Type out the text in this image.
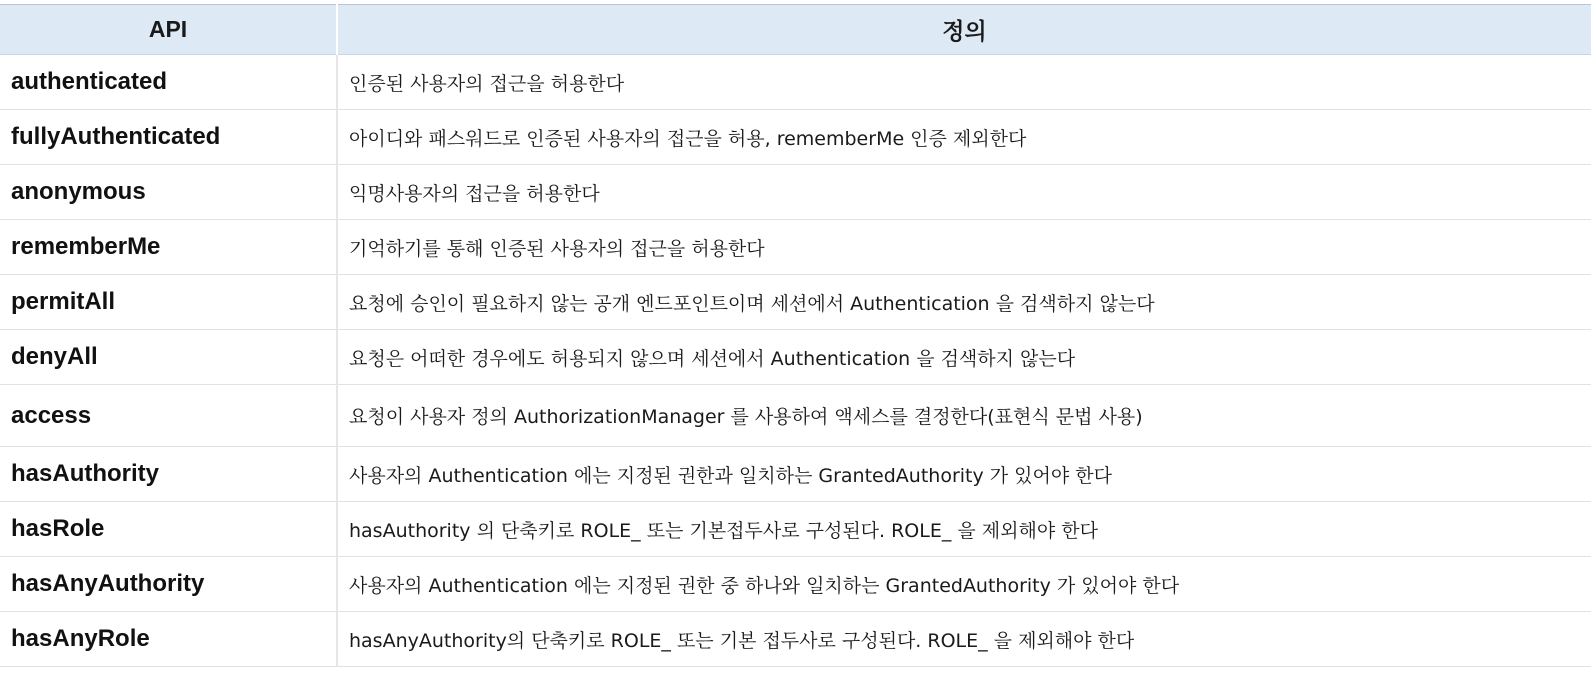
API	정의
authenticated	인증된 사용자의 접근을 허용한다
fullyAuthenticated	아이디와 패스워드로 인증된 사용자의 접근을 허용, rememberMe 인증 제외한다
anonymous	익명사용자의 접근을 허용한다
rememberMe	기억하기를 통해 인증된 사용자의 접근을 허용한다
permitAll	요청에 승인이 필요하지 않는 공개 엔드포인트이며 세션에서 Authentication 을 검색하지 않는다
denyAll	요청은 어떠한 경우에도 허용되지 않으며 세션에서 Authentication 을 검색하지 않는다
access	요청이 사용자 정의 AuthorizationManager 를 사용하여 액세스를 결정한다(표현식 문법 사용)
hasAuthority	사용자의 Authentication 에는 지정된 권한과 일치하는 GrantedAuthority 가 있어야 한다
hasRole	hasAuthority 의 단축키로 ROLE_ 또는 기본접두사로 구성된다. ROLE_ 을 제외해야 한다
hasAnyAuthority	사용자의 Authentication 에는 지정된 권한 중 하나와 일치하는 GrantedAuthority 가 있어야 한다
hasAnyRole	hasAnyAuthority의 단축키로 ROLE_ 또는 기본 접두사로 구성된다. ROLE_ 을 제외해야 한다
